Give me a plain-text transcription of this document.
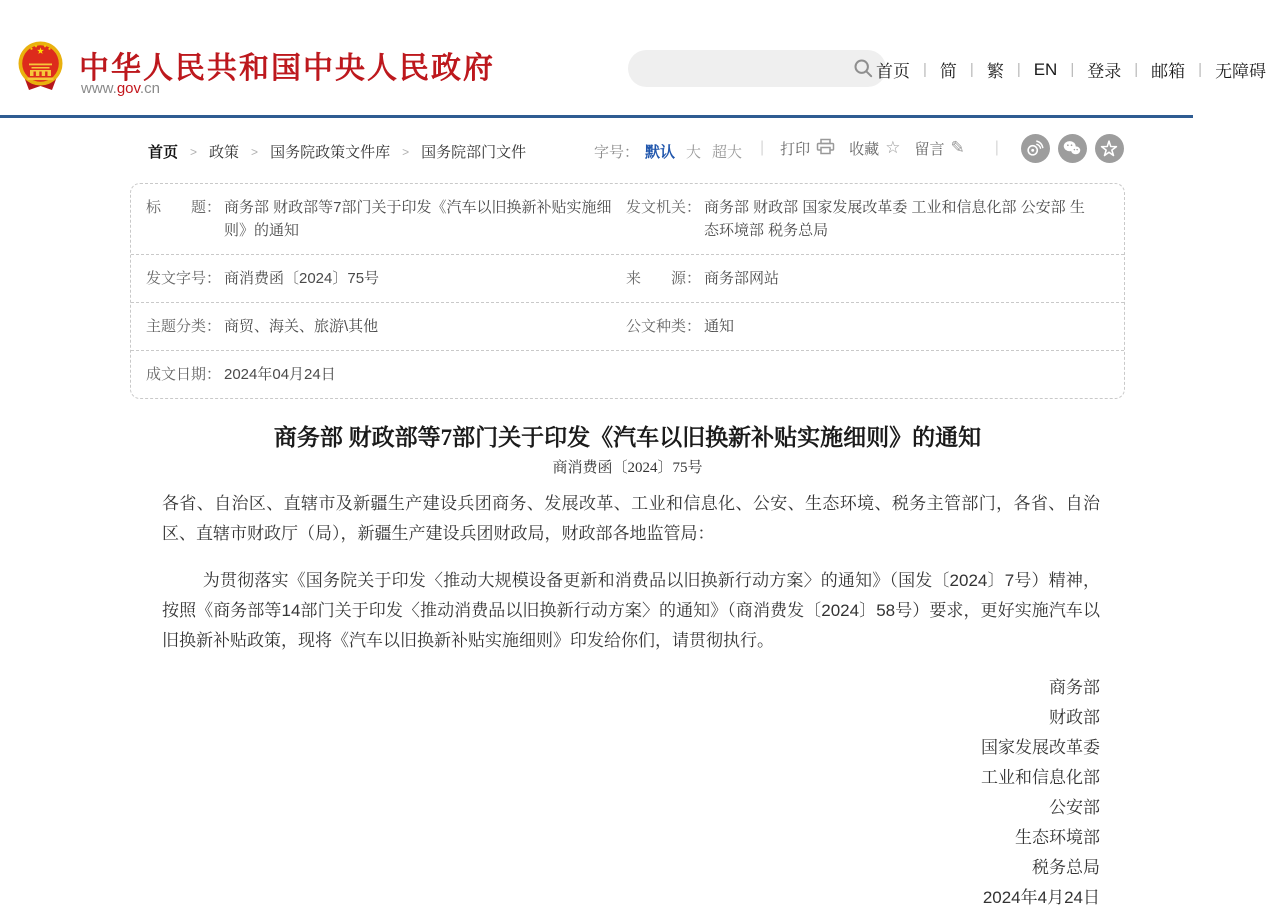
中华人民共和国中央人民政府
www.gov.cn
首页 | 简 | 繁 | EN | 登录 | 邮箱 | 无障碍
首页 > 政策 > 国务院政策文件库 > 国务院部门文件	字号： 默认 大 超大 | 打印	收藏 ☆ 留言 ✎ |
标　　题： 商务部 财政部等7部门关于印发《汽车以旧换新补贴实施细则》的通知
发文机关： 商务部 财政部 国家发展改革委 工业和信息化部 公安部 生态环境部 税务总局
发文字号： 商消费函〔2024〕75号	来　　源： 商务部网站
主题分类： 商贸、海关、旅游\其他	公文种类： 通知
成文日期： 2024年04月24日
商务部 财政部等7部门关于印发《汽车以旧换新补贴实施细则》的通知
商消费函〔2024〕75号

各省、自治区、直辖市及新疆生产建设兵团商务、发展改革、工业和信息化、公安、生态环境、税务主管部门，各省、自治区、直辖市财政厅（局），新疆生产建设兵团财政局，财政部各地监管局：

为贯彻落实《国务院关于印发〈推动大规模设备更新和消费品以旧换新行动方案〉的通知》（国发〔2024〕7号）精神，按照《商务部等14部门关于印发〈推动消费品以旧换新行动方案〉的通知》（商消费发〔2024〕58号）要求，更好实施汽车以旧换新补贴政策，现将《汽车以旧换新补贴实施细则》印发给你们，请贯彻执行。

商务部
财政部
国家发展改革委
工业和信息化部
公安部
生态环境部
税务总局
2024年4月24日
